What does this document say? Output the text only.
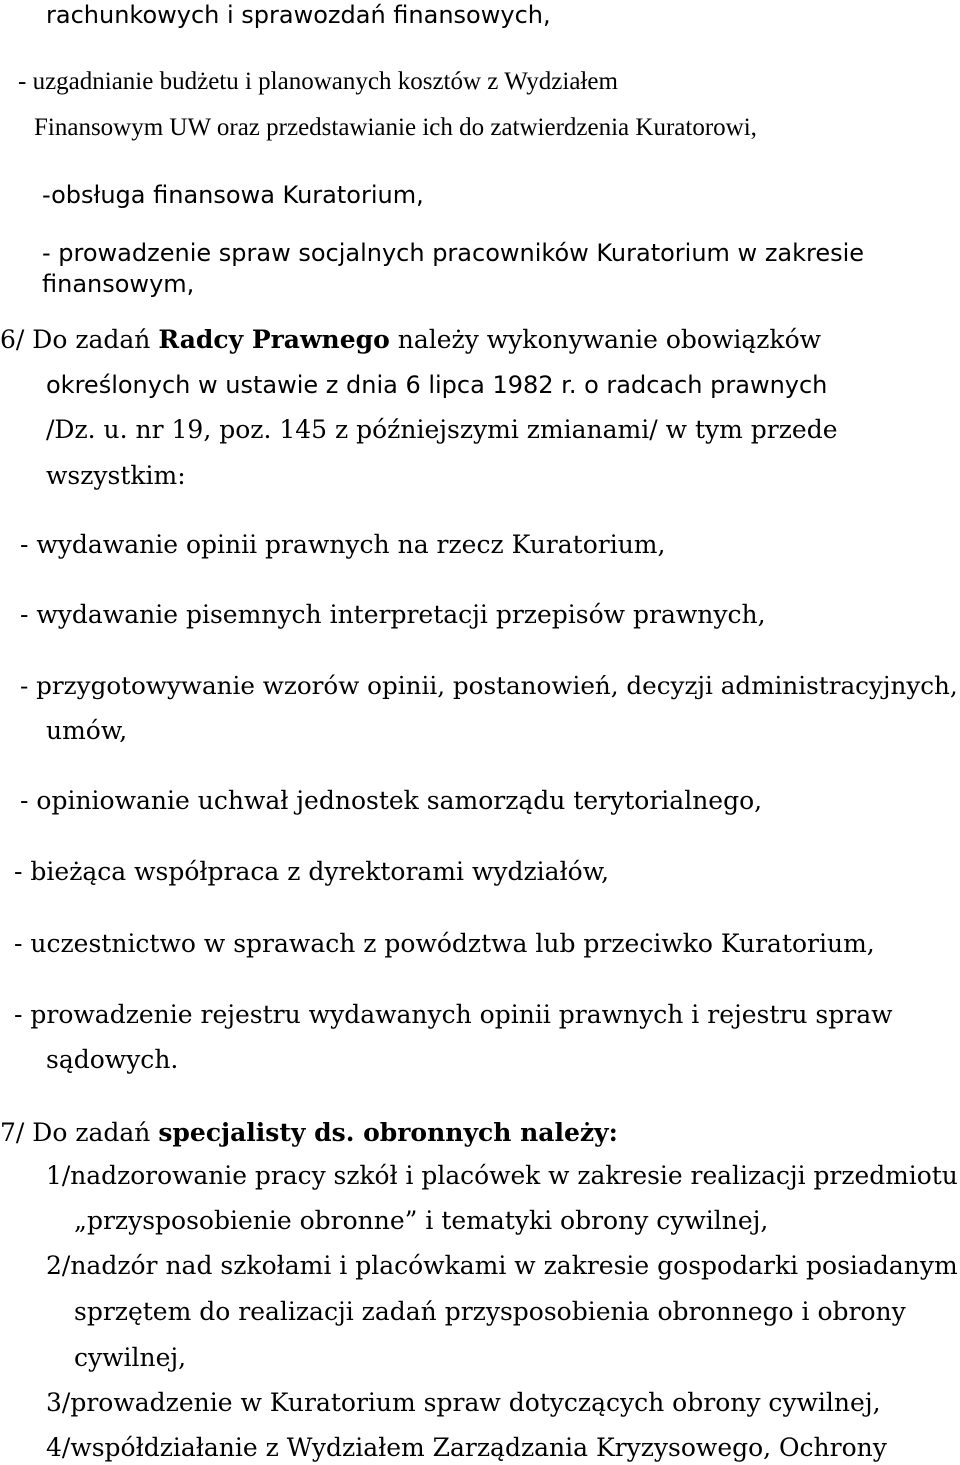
rachunkowych i sprawozdań finansowych,

- uzgadnianie budżetu i planowanych kosztów z Wydziałem

Finansowym UW oraz przedstawianie ich do zatwierdzenia Kuratorowi,

-obsługa finansowa Kuratorium,

- prowadzenie spraw socjalnych pracowników Kuratorium w zakresie

finansowym,

6/ Do zadań Radcy Prawnego należy wykonywanie obowiązków

określonych w ustawie z dnia 6 lipca 1982 r. o radcach prawnych

/Dz. u. nr 19, poz. 145 z późniejszymi zmianami/ w tym przede

wszystkim:

- wydawanie opinii prawnych na rzecz Kuratorium,

- wydawanie pisemnych interpretacji przepisów prawnych,

- przygotowywanie wzorów opinii, postanowień, decyzji administracyjnych,

umów,

- opiniowanie uchwał jednostek samorządu terytorialnego,

- bieżąca współpraca z dyrektorami wydziałów,

- uczestnictwo w sprawach z powództwa lub przeciwko Kuratorium,

- prowadzenie rejestru wydawanych opinii prawnych i rejestru spraw

sądowych.

7/ Do zadań specjalisty ds. obronnych należy:

1/nadzorowanie pracy szkół i placówek w zakresie realizacji przedmiotu

„przysposobienie obronne” i tematyki obrony cywilnej,

2/nadzór nad szkołami i placówkami w zakresie gospodarki posiadanym

sprzętem do realizacji zadań przysposobienia obronnego i obrony

cywilnej,

3/prowadzenie w Kuratorium spraw dotyczących obrony cywilnej,

4/współdziałanie z Wydziałem Zarządzania Kryzysowego, Ochrony
